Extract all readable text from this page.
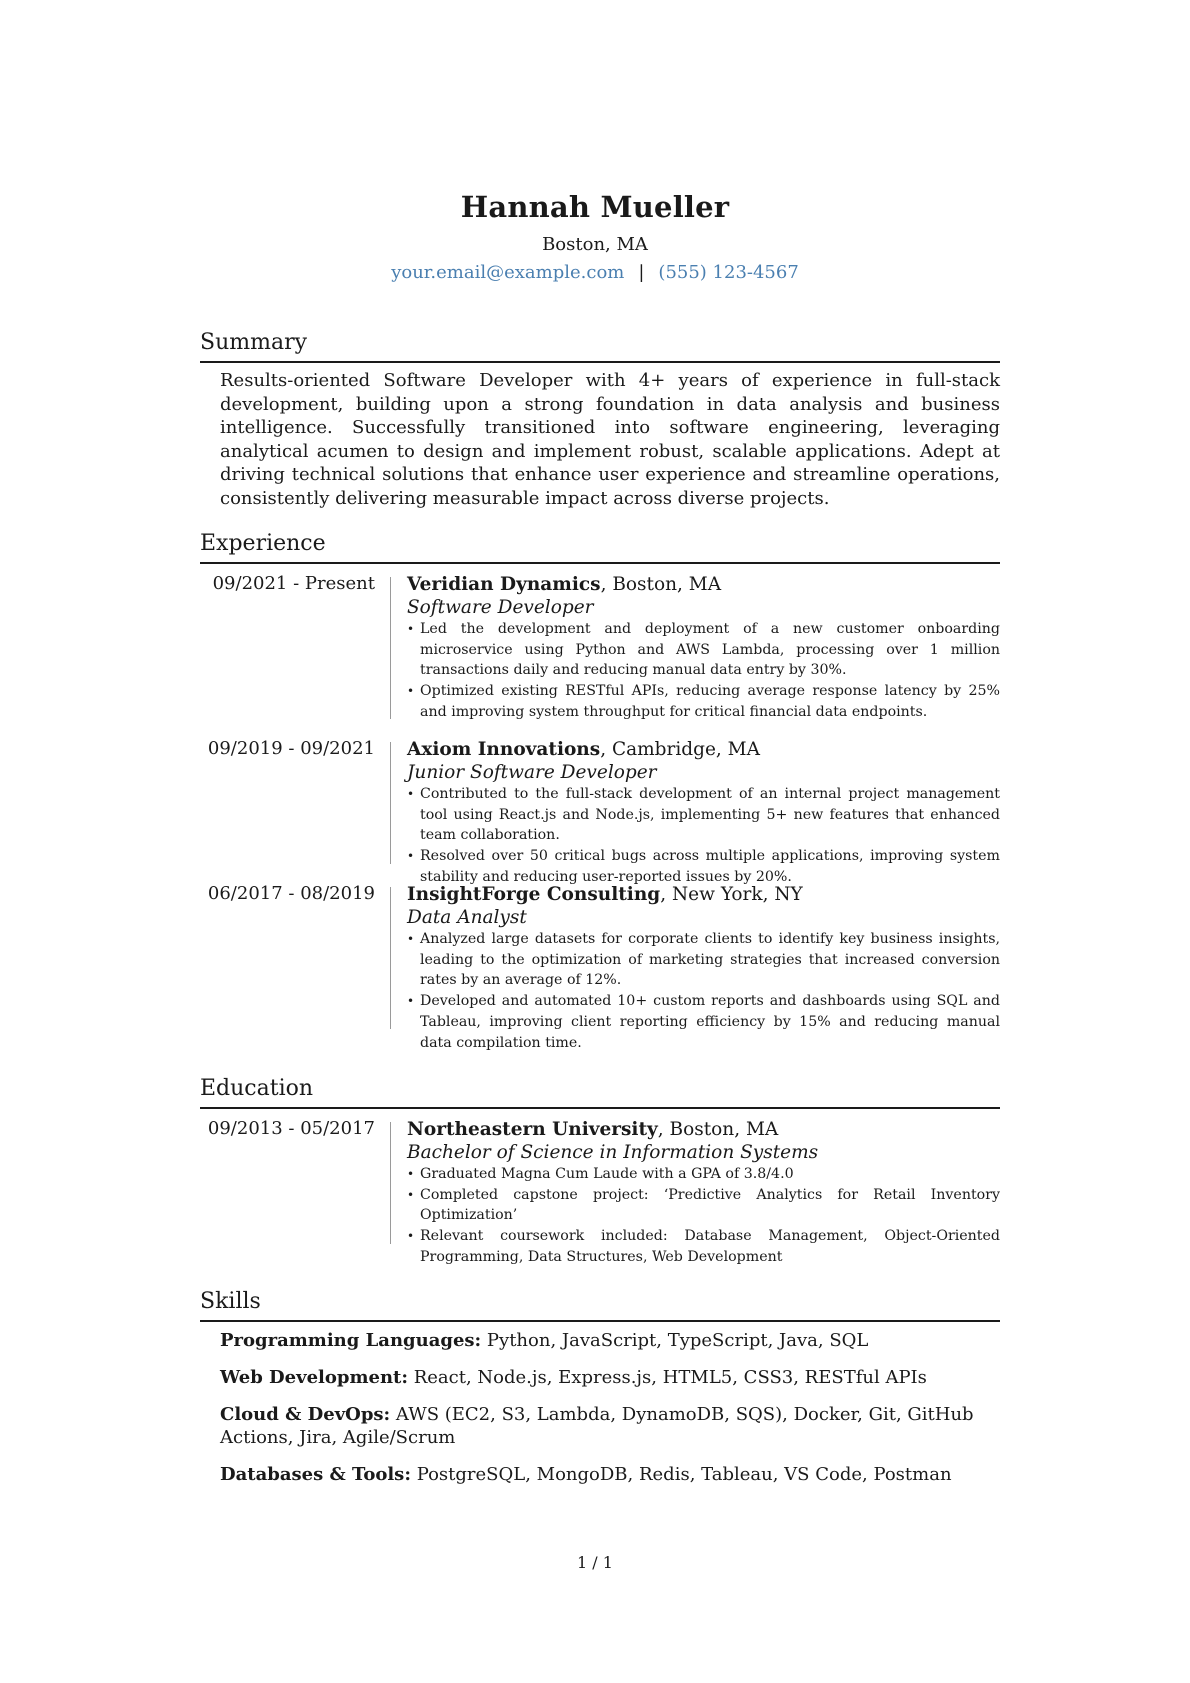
Hannah Mueller
Boston, MA
your.email@example.com | (555) 123-4567
Summary
Results-oriented Software Developer with 4+ years of experience in full-stack development, building upon a strong foundation in data analysis and business intelligence. Successfully transitioned into software engineering, leveraging analytical acumen to design and implement robust, scalable applications. Adept at driving technical solutions that enhance user experience and streamline operations, consistently delivering measurable impact across diverse projects.
Experience
09/2021 - Present Veridian Dynamics, Boston, MA
Software Developer
• Led the development and deployment of a new customer onboarding microservice using Python and AWS Lambda, processing over 1 million transactions daily and reducing manual data entry by 30%.
• Optimized existing RESTful APIs, reducing average response latency by 25% and improving system throughput for critical financial data endpoints.
09/2019 - 09/2021 Axiom Innovations, Cambridge, MA
Junior Software Developer
• Contributed to the full-stack development of an internal project management tool using React.js and Node.js, implementing 5+ new features that enhanced team collaboration.
• Resolved over 50 critical bugs across multiple applications, improving system stability and reducing user-reported issues by 20%.
06/2017 - 08/2019 InsightForge Consulting, New York, NY
Data Analyst
• Analyzed large datasets for corporate clients to identify key business insights, leading to the optimization of marketing strategies that increased conversion rates by an average of 12%.
• Developed and automated 10+ custom reports and dashboards using SQL and Tableau, improving client reporting efficiency by 15% and reducing manual data compilation time.
Education
09/2013 - 05/2017 Northeastern University, Boston, MA
Bachelor of Science in Information Systems
• Graduated Magna Cum Laude with a GPA of 3.8/4.0
• Completed capstone project: ‘Predictive Analytics for Retail Inventory Optimization’
• Relevant coursework included: Database Management, Object-Oriented Programming, Data Structures, Web Development
Skills
Programming Languages: Python, JavaScript, TypeScript, Java, SQL
Web Development: React, Node.js, Express.js, HTML5, CSS3, RESTful APIs
Cloud & DevOps: AWS (EC2, S3, Lambda, DynamoDB, SQS), Docker, Git, GitHub Actions, Jira, Agile/Scrum
Databases & Tools: PostgreSQL, MongoDB, Redis, Tableau, VS Code, Postman
1 / 1
